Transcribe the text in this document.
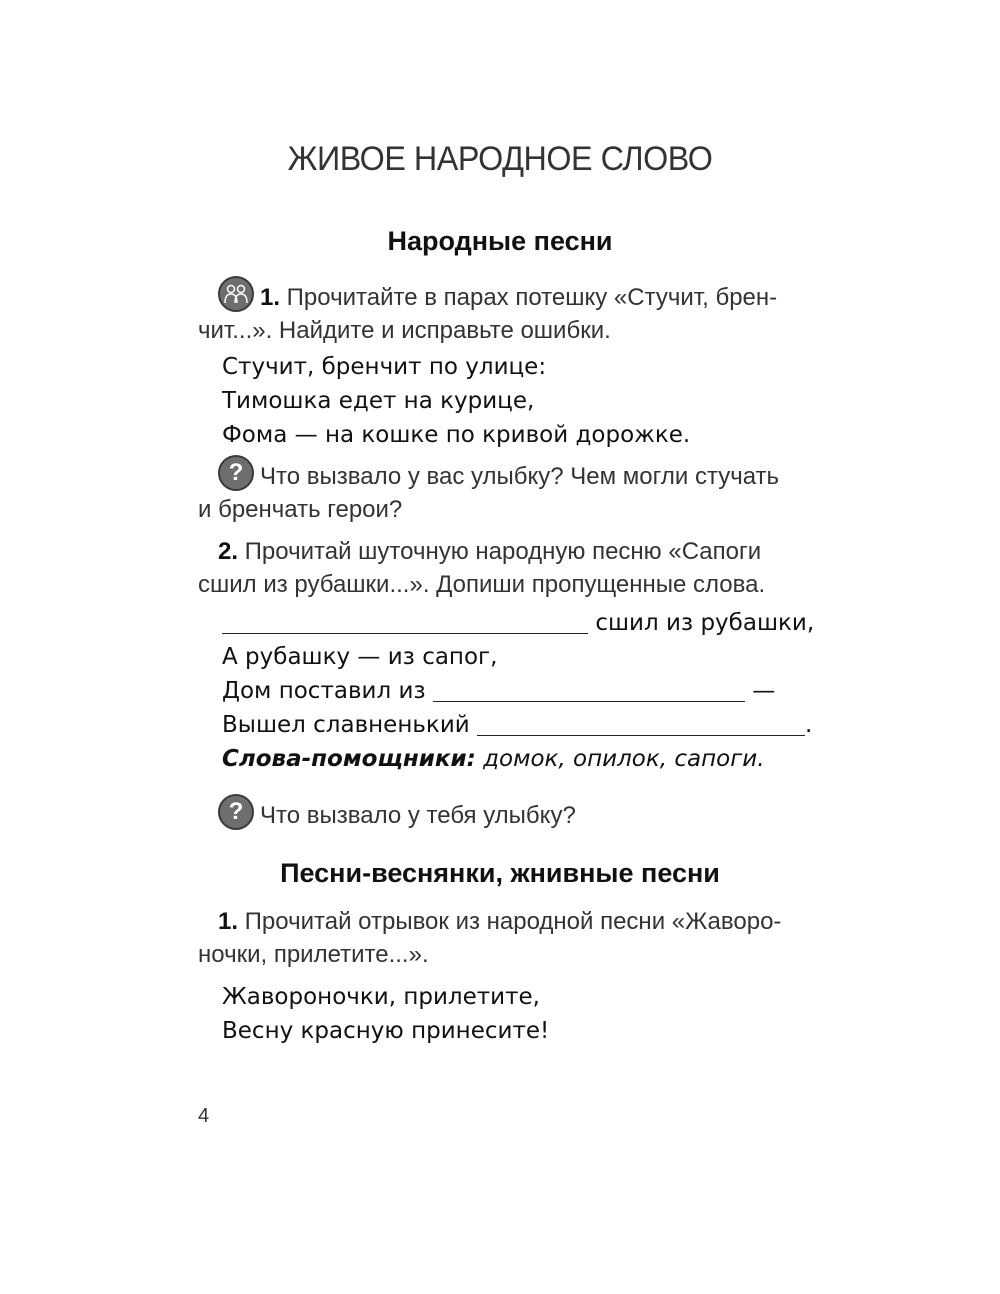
ЖИВОЕ НАРОДНОЕ СЛОВО
Народные песни
1. Прочитайте в парах потешку «Стучит, брен-
чит...». Найдите и исправьте ошибки.
Стучит, бренчит по улице:
Тимошка едет на курице,
Фома — на кошке по кривой дорожке.
? Что вызвало у вас улыбку? Чем могли стучать
и бренчать герои?
2. Прочитай шуточную народную песню «Сапоги
сшил из рубашки...». Допиши пропущенные слова.
сшил из рубашки,
А рубашку — из сапог,
Дом поставил из	—
Вышел славненький	.
Слова-помощники: домок, опилок, сапоги.
? Что вызвало у тебя улыбку?
Песни-веснянки, жнивные песни
1. Прочитай отрывок из народной песни «Жаворо-
ночки, прилетите...».
Жавороночки, прилетите,
Весну красную принесите!
4
